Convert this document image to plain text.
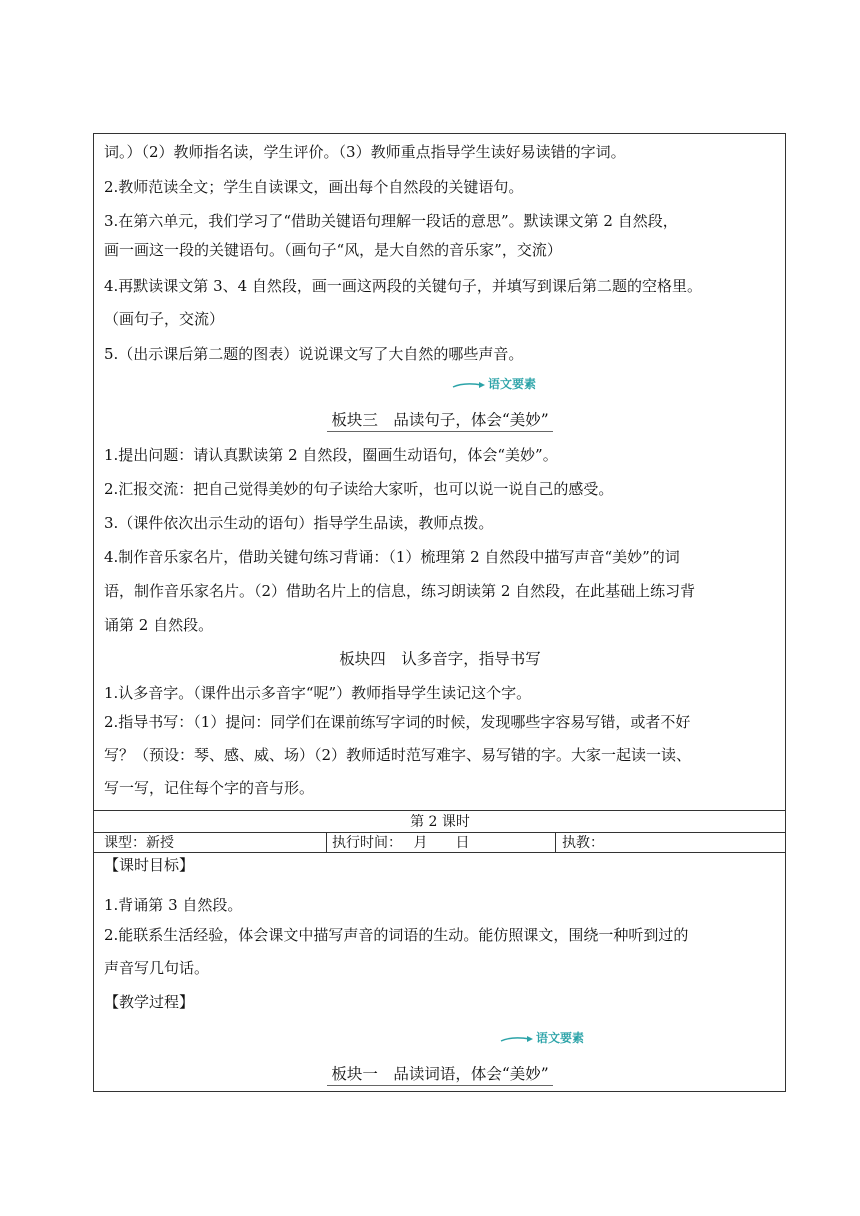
词。）（2）教师指名读，学生评价。（3）教师重点指导学生读好易读错的字词。
2.教师范读全文；学生自读课文，画出每个自然段的关键语句。
3.在第六单元，我们学习了“借助关键语句理解一段话的意思”。默读课文第 2 自然段，
画一画这一段的关键语句。（画句子“风，是大自然的音乐家”，交流）
4.再默读课文第 3、4 自然段，画一画这两段的关键句子，并填写到课后第二题的空格里。
（画句子，交流）
5.（出示课后第二题的图表）说说课文写了大自然的哪些声音。
语文要素
板块三　品读句子，体会“美妙”
1.提出问题：请认真默读第 2 自然段，圈画生动语句，体会“美妙”。
2.汇报交流：把自己觉得美妙的句子读给大家听，也可以说一说自己的感受。
3.（课件依次出示生动的语句）指导学生品读，教师点拨。
4.制作音乐家名片，借助关键句练习背诵：（1）梳理第 2 自然段中描写声音“美妙”的词
语，制作音乐家名片。（2）借助名片上的信息，练习朗读第 2 自然段，在此基础上练习背
诵第 2 自然段。
板块四　认多音字，指导书写
1.认多音字。（课件出示多音字“呢”）教师指导学生读记这个字。
2.指导书写：（1）提问：同学们在课前练写字词的时候，发现哪些字容易写错，或者不好
写？（预设：琴、感、威、场）（2）教师适时范写难字、易写错的字。大家一起读一读、
写一写，记住每个字的音与形。
第 2 课时
课型：新授	执行时间：　 月　　日	执教：
【课时目标】
1.背诵第 3 自然段。
2.能联系生活经验，体会课文中描写声音的词语的生动。能仿照课文，围绕一种听到过的
声音写几句话。
【教学过程】
语文要素
板块一　品读词语，体会“美妙”
